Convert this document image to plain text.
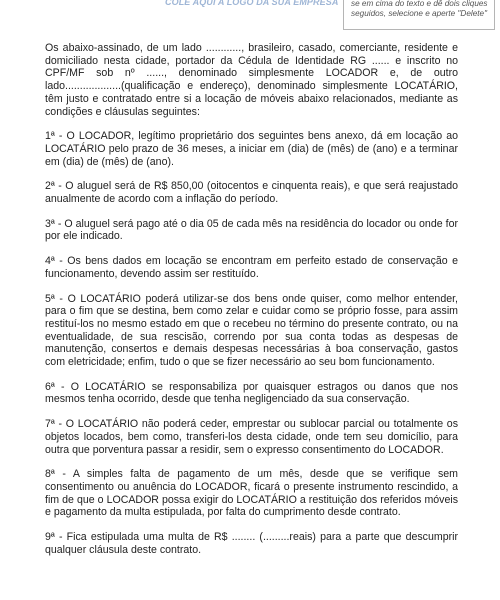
COLE AQUI A LOGO DA SUA EMPRESA	se em cima do texto e dê dois cliques seguidos, selecione e aperte "Delete"

Os abaixo-assinado, de um lado ............, brasileiro, casado, comerciante, residente e domiciliado nesta cidade, portador da Cédula de Identidade RG ...... e inscrito no CPF/MF sob nº ......, denominado simplesmente LOCADOR e, de outro lado...................(qualificação e endereço), denominado simplesmente LOCATÁRIO, têm justo e contratado entre si a locação de móveis abaixo relacionados, mediante as condições e cláusulas seguintes:

1ª - O LOCADOR, legítimo proprietário dos seguintes bens anexo, dá em locação ao LOCATÁRIO pelo prazo de 36 meses, a iniciar em (dia) de (mês) de (ano) e a terminar em (dia) de (mês) de (ano).

2ª - O aluguel será de R$ 850,00 (oitocentos e cinquenta reais), e que será reajustado anualmente de acordo com a inflação do período.

3ª - O aluguel será pago até o dia 05 de cada mês na residência do locador ou onde for por ele indicado.

4ª - Os bens dados em locação se encontram em perfeito estado de conservação e funcionamento, devendo assim ser restituído.

5ª - O LOCATÁRIO poderá utilizar-se dos bens onde quiser, como melhor entender, para o fim que se destina, bem como zelar e cuidar como se próprio fosse, para assim restituí-los no mesmo estado em que o recebeu no término do presente contrato, ou na eventualidade, de sua rescisão, correndo por sua conta todas as despesas de manutenção, consertos e demais despesas necessárias à boa conservação, gastos com eletricidade; enfim, tudo o que se fizer necessário ao seu bom funcionamento.

6ª - O LOCATÁRIO se responsabiliza por quaisquer estragos ou danos que nos mesmos tenha ocorrido, desde que tenha negligenciado da sua conservação.

7ª - O LOCATÁRIO não poderá ceder, emprestar ou sublocar parcial ou totalmente os objetos locados, bem como, transferi-los desta cidade, onde tem seu domicílio, para outra que porventura passar a residir, sem o expresso consentimento do LOCADOR.

8ª - A simples falta de pagamento de um mês, desde que se verifique sem consentimento ou anuência do LOCADOR, ficará o presente instrumento rescindido, a fim de que o LOCADOR possa exigir do LOCATÁRIO a restituição dos referidos móveis e pagamento da multa estipulada, por falta do cumprimento desde contrato.

9ª - Fica estipulada uma multa de R$ ........ (.........reais) para a parte que descumprir qualquer cláusula deste contrato.
